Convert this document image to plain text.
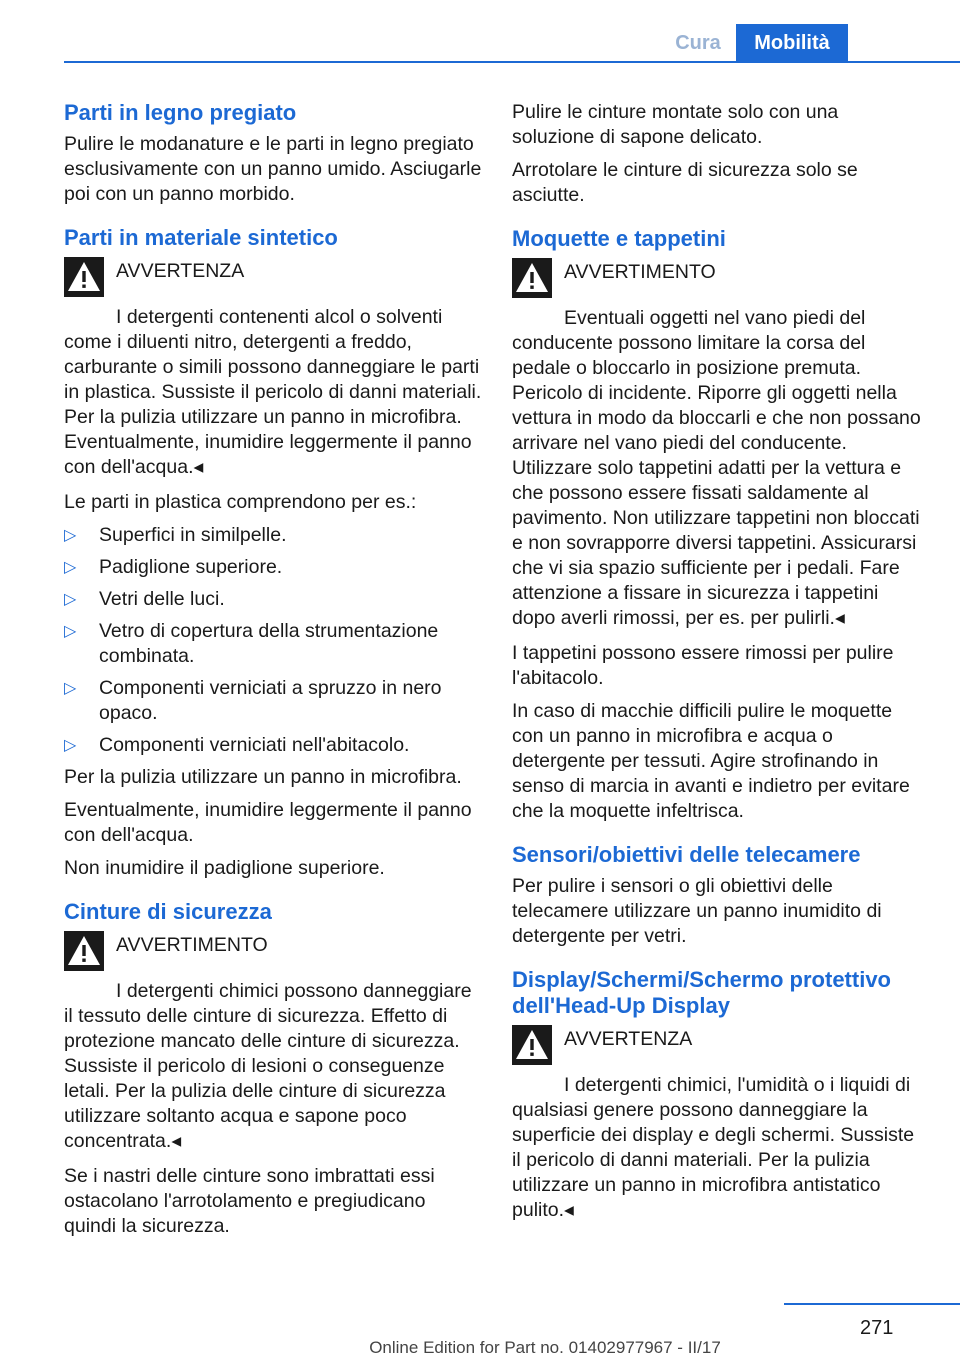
Cura	Mobilità
Parti in legno pregiato

Pulire le modanature e le parti in legno pregiato esclusivamente con un panno umido. Asciugarle poi con un panno morbido.

Parti in materiale sintetico
AVVERTENZA

I detergenti contenenti alcol o solventi come i diluenti nitro, detergenti a freddo, carburante o simili possono danneggiare le parti in plastica. Sussiste il pericolo di danni materiali. Per la pulizia utilizzare un panno in microfibra. Eventualmente, inumidire leggermente il panno con dell'acqua.◂

Le parti in plastica comprendono per es.:

▷ Superfici in similpelle.
▷ Padiglione superiore.
▷ Vetri delle luci.
▷ Vetro di copertura della strumentazione combinata.
▷ Componenti verniciati a spruzzo in nero opaco.
▷ Componenti verniciati nell'abitacolo.

Per la pulizia utilizzare un panno in microfibra.

Eventualmente, inumidire leggermente il panno con dell'acqua.

Non inumidire il padiglione superiore.

Cinture di sicurezza
AVVERTIMENTO

I detergenti chimici possono danneggiare il tessuto delle cinture di sicurezza. Effetto di protezione mancato delle cinture di sicurezza. Sussiste il pericolo di lesioni o conseguenze letali. Per la pulizia delle cinture di sicurezza utilizzare soltanto acqua e sapone poco concentrata.◂

Se i nastri delle cinture sono imbrattati essi ostacolano l'arrotolamento e pregiudicano quindi la sicurezza.

Pulire le cinture montate solo con una soluzione di sapone delicato.

Arrotolare le cinture di sicurezza solo se asciutte.

Moquette e tappetini
AVVERTIMENTO

Eventuali oggetti nel vano piedi del conducente possono limitare la corsa del pedale o bloccarlo in posizione premuta. Pericolo di incidente. Riporre gli oggetti nella vettura in modo da bloccarli e che non possano arrivare nel vano piedi del conducente. Utilizzare solo tappetini adatti per la vettura e che possono essere fissati saldamente al pavimento. Non utilizzare tappetini non bloccati e non sovrapporre diversi tappetini. Assicurarsi che vi sia spazio sufficiente per i pedali. Fare attenzione a fissare in sicurezza i tappetini dopo averli rimossi, per es. per pulirli.◂

I tappetini possono essere rimossi per pulire l'abitacolo.

In caso di macchie difficili pulire le moquette con un panno in microfibra e acqua o detergente per tessuti. Agire strofinando in senso di marcia in avanti e indietro per evitare che la moquette infeltrisca.

Sensori/obiettivi delle telecamere

Per pulire i sensori o gli obiettivi delle telecamere utilizzare un panno inumidito di detergente per vetri.

Display/Schermi/Schermo protettivo dell'Head-Up Display
AVVERTENZA

I detergenti chimici, l'umidità o i liquidi di qualsiasi genere possono danneggiare la superficie dei display e degli schermi. Sussiste il pericolo di danni materiali. Per la pulizia utilizzare un panno in microfibra antistatico pulito.◂

271
Online Edition for Part no. 01402977967 - II/17
